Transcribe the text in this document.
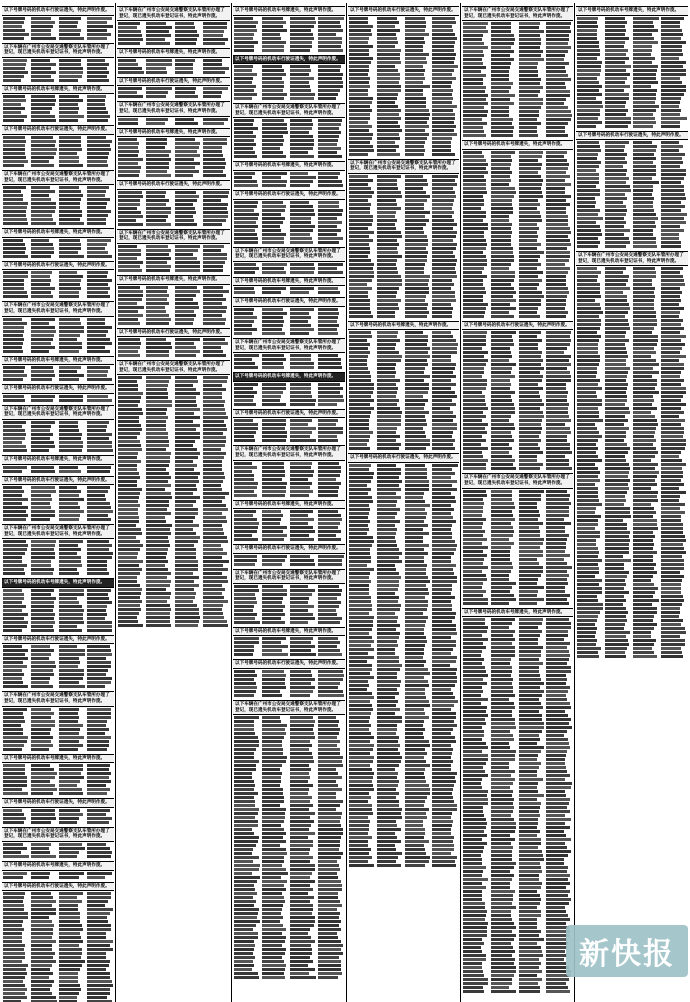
以下号牌号码的机动车行驶证遗失，特此声明作废。
以下车辆在广州市公安局交通警察支队车管所办理了登记，现已遗失机动车登记证书，特此声明作废。
以下号牌号码的机动车号牌遗失，特此声明作废。
以下号牌号码的机动车行驶证遗失，特此声明作废。
以下车辆在广州市公安局交通警察支队车管所办理了登记，现已遗失机动车登记证书，特此声明作废。
以下号牌号码的机动车号牌遗失，特此声明作废。
以下号牌号码的机动车行驶证遗失，特此声明作废。
以下车辆在广州市公安局交通警察支队车管所办理了登记，现已遗失机动车登记证书，特此声明作废。
以下号牌号码的机动车号牌遗失，特此声明作废。
以下号牌号码的机动车行驶证遗失，特此声明作废。
以下车辆在广州市公安局交通警察支队车管所办理了登记，现已遗失机动车登记证书，特此声明作废。
以下号牌号码的机动车号牌遗失，特此声明作废。
以下号牌号码的机动车行驶证遗失，特此声明作废。
以下车辆在广州市公安局交通警察支队车管所办理了登记，现已遗失机动车登记证书，特此声明作废。
以下号牌号码的机动车号牌遗失，特此声明作废。
以下号牌号码的机动车行驶证遗失，特此声明作废。
以下车辆在广州市公安局交通警察支队车管所办理了登记，现已遗失机动车登记证书，特此声明作废。
以下号牌号码的机动车号牌遗失，特此声明作废。
以下号牌号码的机动车行驶证遗失，特此声明作废。
以下车辆在广州市公安局交通警察支队车管所办理了登记，现已遗失机动车登记证书，特此声明作废。
以下号牌号码的机动车号牌遗失，特此声明作废。
以下号牌号码的机动车行驶证遗失，特此声明作废。
以下车辆在广州市公安局交通警察支队车管所办理了登记，现已遗失机动车登记证书，特此声明作废。
以下号牌号码的机动车号牌遗失，特此声明作废。
以下号牌号码的机动车行驶证遗失，特此声明作废。
以下车辆在广州市公安局交通警察支队车管所办理了登记，现已遗失机动车登记证书，特此声明作废。
以下号牌号码的机动车号牌遗失，特此声明作废。
以下号牌号码的机动车行驶证遗失，特此声明作废。
以下车辆在广州市公安局交通警察支队车管所办理了登记，现已遗失机动车登记证书，特此声明作废。
以下号牌号码的机动车号牌遗失，特此声明作废。
以下号牌号码的机动车行驶证遗失，特此声明作废。
以下车辆在广州市公安局交通警察支队车管所办理了登记，现已遗失机动车登记证书，特此声明作废。
以下号牌号码的机动车号牌遗失，特此声明作废。
以下号牌号码的机动车行驶证遗失，特此声明作废。
以下车辆在广州市公安局交通警察支队车管所办理了登记，现已遗失机动车登记证书，特此声明作废。
以下号牌号码的机动车号牌遗失，特此声明作废。
以下号牌号码的机动车行驶证遗失，特此声明作废。
以下车辆在广州市公安局交通警察支队车管所办理了登记，现已遗失机动车登记证书，特此声明作废。
以下号牌号码的机动车号牌遗失，特此声明作废。
以下号牌号码的机动车行驶证遗失，特此声明作废。
以下车辆在广州市公安局交通警察支队车管所办理了登记，现已遗失机动车登记证书，特此声明作废。
以下号牌号码的机动车号牌遗失，特此声明作废。
以下号牌号码的机动车行驶证遗失，特此声明作废。
以下车辆在广州市公安局交通警察支队车管所办理了登记，现已遗失机动车登记证书，特此声明作废。
以下号牌号码的机动车号牌遗失，特此声明作废。
以下号牌号码的机动车行驶证遗失，特此声明作废。
以下车辆在广州市公安局交通警察支队车管所办理了登记，现已遗失机动车登记证书，特此声明作废。
以下号牌号码的机动车号牌遗失，特此声明作废。
以下号牌号码的机动车行驶证遗失，特此声明作废。
以下车辆在广州市公安局交通警察支队车管所办理了登记，现已遗失机动车登记证书，特此声明作废。
以下号牌号码的机动车行驶证遗失，特此声明作废。
以下车辆在广州市公安局交通警察支队车管所办理了登记，现已遗失机动车登记证书，特此声明作废。
以下号牌号码的机动车号牌遗失，特此声明作废。
以下号牌号码的机动车行驶证遗失，特此声明作废。
以下车辆在广州市公安局交通警察支队车管所办理了登记，现已遗失机动车登记证书，特此声明作废。
以下号牌号码的机动车号牌遗失，特此声明作废。
以下号牌号码的机动车行驶证遗失，特此声明作废。
以下车辆在广州市公安局交通警察支队车管所办理了登记，现已遗失机动车登记证书，特此声明作废。
以下号牌号码的机动车号牌遗失，特此声明作废。
以下号牌号码的机动车号牌遗失，特此声明作废。
以下号牌号码的机动车行驶证遗失，特此声明作废。
以下车辆在广州市公安局交通警察支队车管所办理了登记，现已遗失机动车登记证书，特此声明作废。
新快报
